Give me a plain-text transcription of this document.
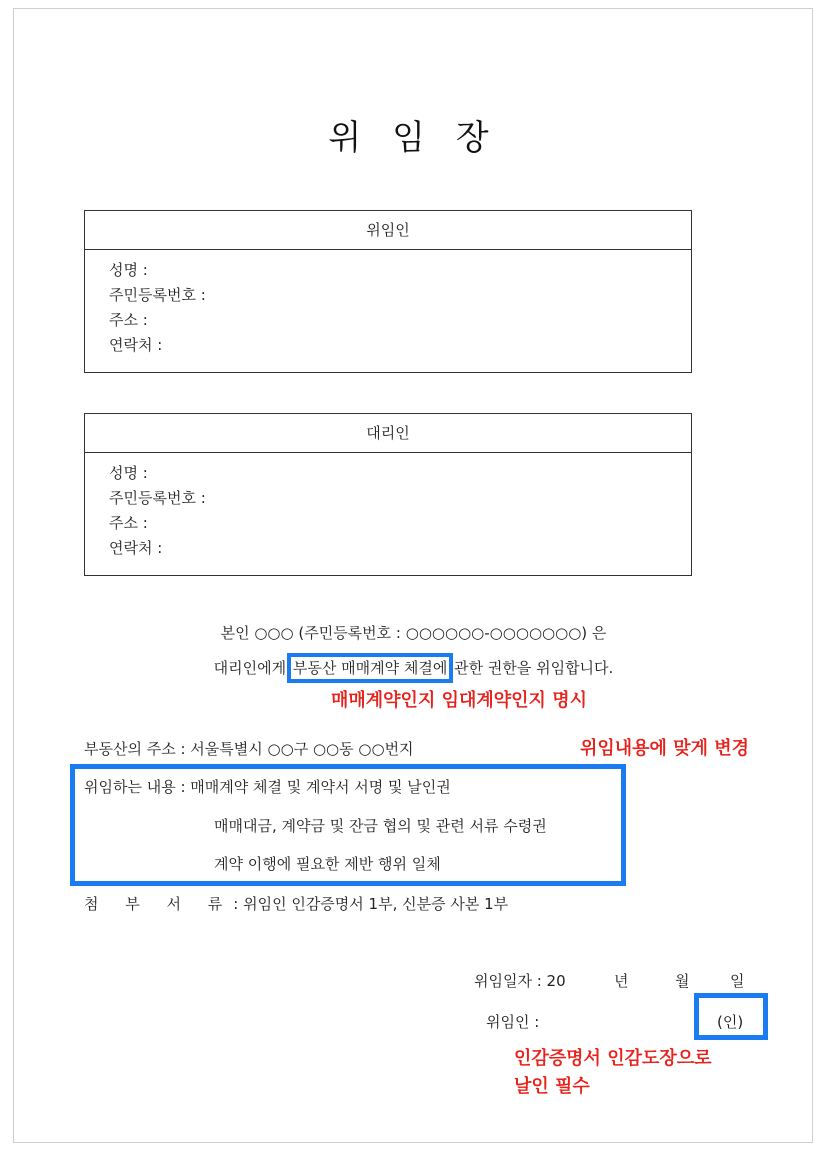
위 임 장
위임인
성명 :
주민등록번호 :
주소 :
연락처 :
대리인
성명 :
주민등록번호 :
주소 :
연락처 :
본인 ○○○ (주민등록번호 : ○○○○○○-○○○○○○○) 은
대리인에게
부동산 매매계약 체결에 관한 권한을 위임합니다.
매매계약인지 임대계약인지 명시
부동산의 주소 : 서울특별시 ○○구 ○○동 ○○번지	위임내용에 맞게 변경
위임하는 내용 : 매매계약 체결 및 계약서 서명 및 날인권
매매대금, 계약금 및 잔금 협의 및 관련 서류 수령권
계약 이행에 필요한 제반 행위 일체
첨 부 서 류: 위임인 인감증명서 1부, 신분증 사본 1부
위임일자 : 20	년	월	일
위임인 :	(인)
인감증명서 인감도장으로
날인 필수
